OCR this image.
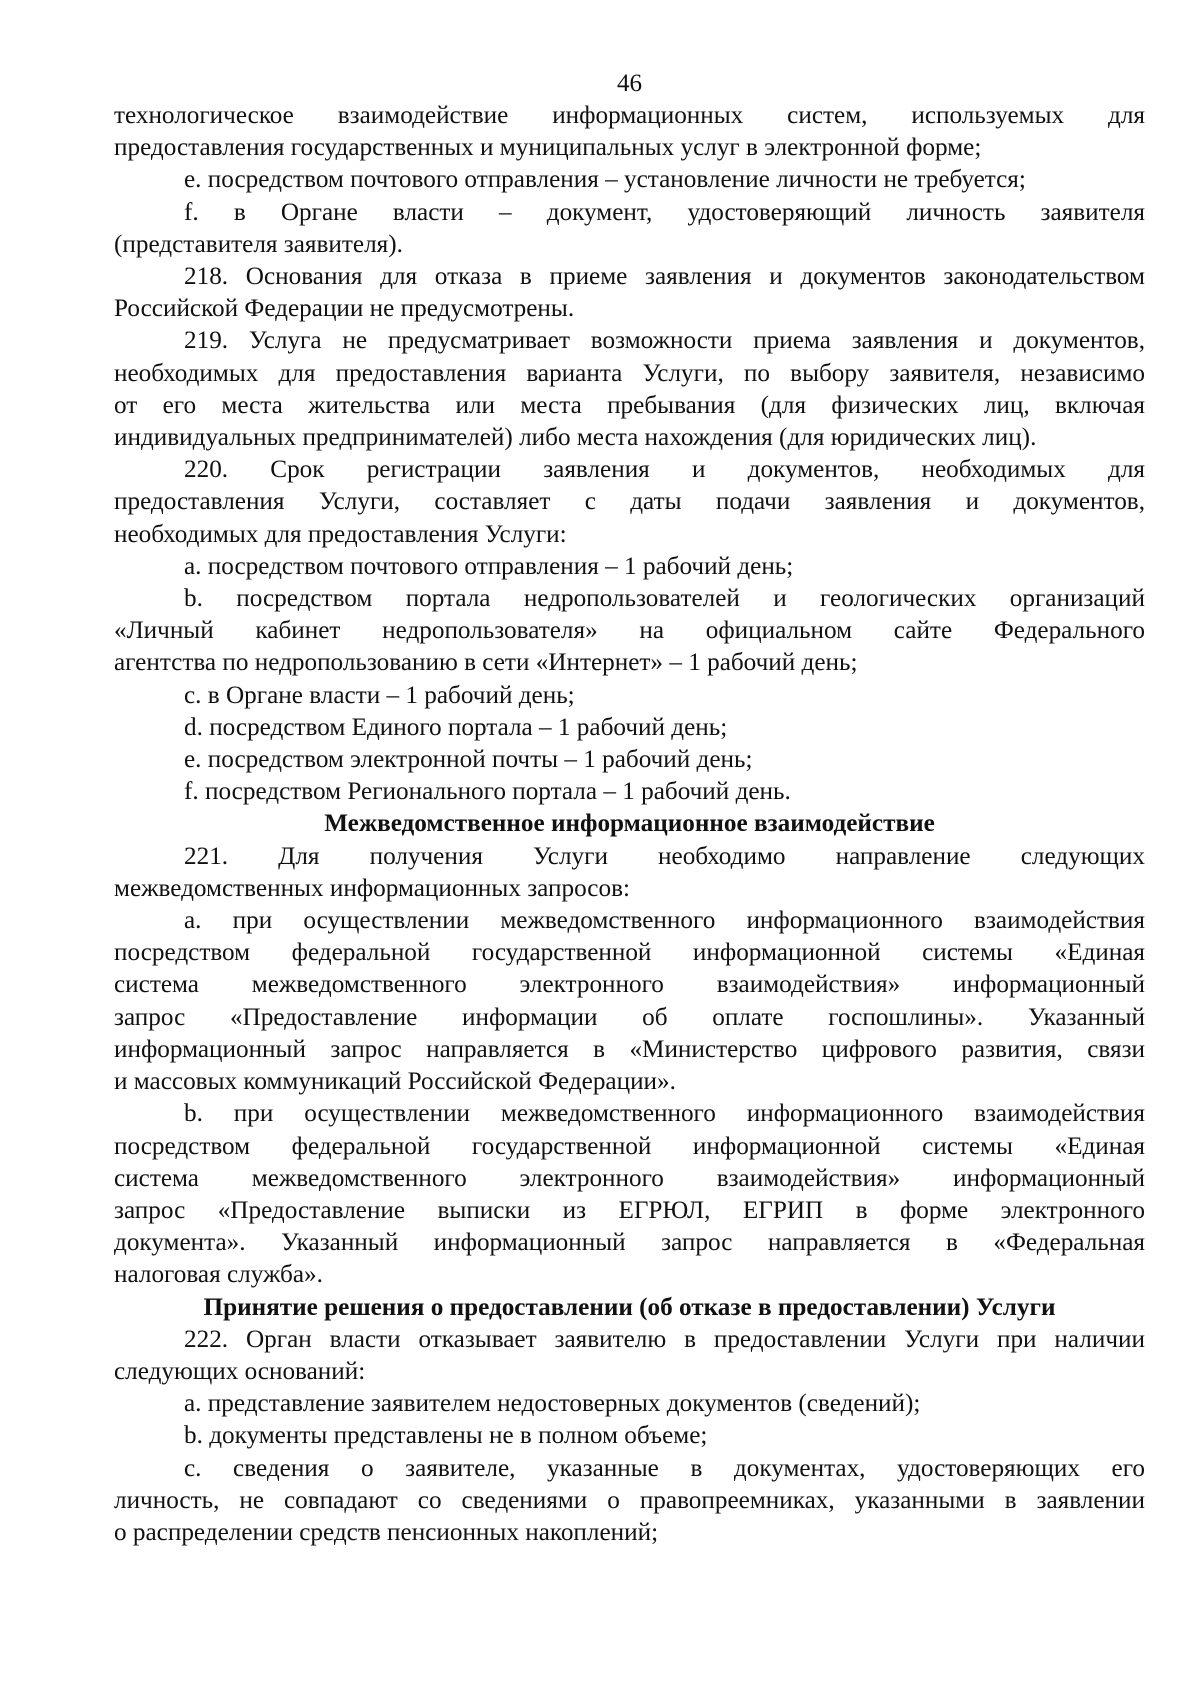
46

технологическое взаимодействие информационных систем, используемых для

предоставления государственных и муниципальных услуг в электронной форме;

e. посредством почтового отправления – установление личности не требуется;

f. в Органе власти – документ, удостоверяющий личность заявителя

(представителя заявителя).

218. Основания для отказа в приеме заявления и документов законодательством

Российской Федерации не предусмотрены.

219. Услуга не предусматривает возможности приема заявления и документов,

необходимых для предоставления варианта Услуги, по выбору заявителя, независимо

от его места жительства или места пребывания (для физических лиц, включая

индивидуальных предпринимателей) либо места нахождения (для юридических лиц).

220. Срок регистрации заявления и документов, необходимых для

предоставления Услуги, составляет с даты подачи заявления и документов,

необходимых для предоставления Услуги:

a. посредством почтового отправления – 1 рабочий день;

b. посредством портала недропользователей и геологических организаций

«Личный кабинет недропользователя» на официальном сайте Федерального

агентства по недропользованию в сети «Интернет» – 1 рабочий день;

c. в Органе власти – 1 рабочий день;

d. посредством Единого портала – 1 рабочий день;

e. посредством электронной почты – 1 рабочий день;

f. посредством Регионального портала – 1 рабочий день.

Межведомственное информационное взаимодействие

221. Для получения Услуги необходимо направление следующих

межведомственных информационных запросов:

a. при осуществлении межведомственного информационного взаимодействия

посредством федеральной государственной информационной системы «Единая

система межведомственного электронного взаимодействия» информационный

запрос «Предоставление информации об оплате госпошлины». Указанный

информационный запрос направляется в «Министерство цифрового развития, связи

и массовых коммуникаций Российской Федерации».

b. при осуществлении межведомственного информационного взаимодействия

посредством федеральной государственной информационной системы «Единая

система межведомственного электронного взаимодействия» информационный

запрос «Предоставление выписки из ЕГРЮЛ, ЕГРИП в форме электронного

документа». Указанный информационный запрос направляется в «Федеральная

налоговая служба».

Принятие решения о предоставлении (об отказе в предоставлении) Услуги

222. Орган власти отказывает заявителю в предоставлении Услуги при наличии

следующих оснований:

a. представление заявителем недостоверных документов (сведений);

b. документы представлены не в полном объеме;

c. сведения о заявителе, указанные в документах, удостоверяющих его

личность, не совпадают со сведениями о правопреемниках, указанными в заявлении

о распределении средств пенсионных накоплений;
